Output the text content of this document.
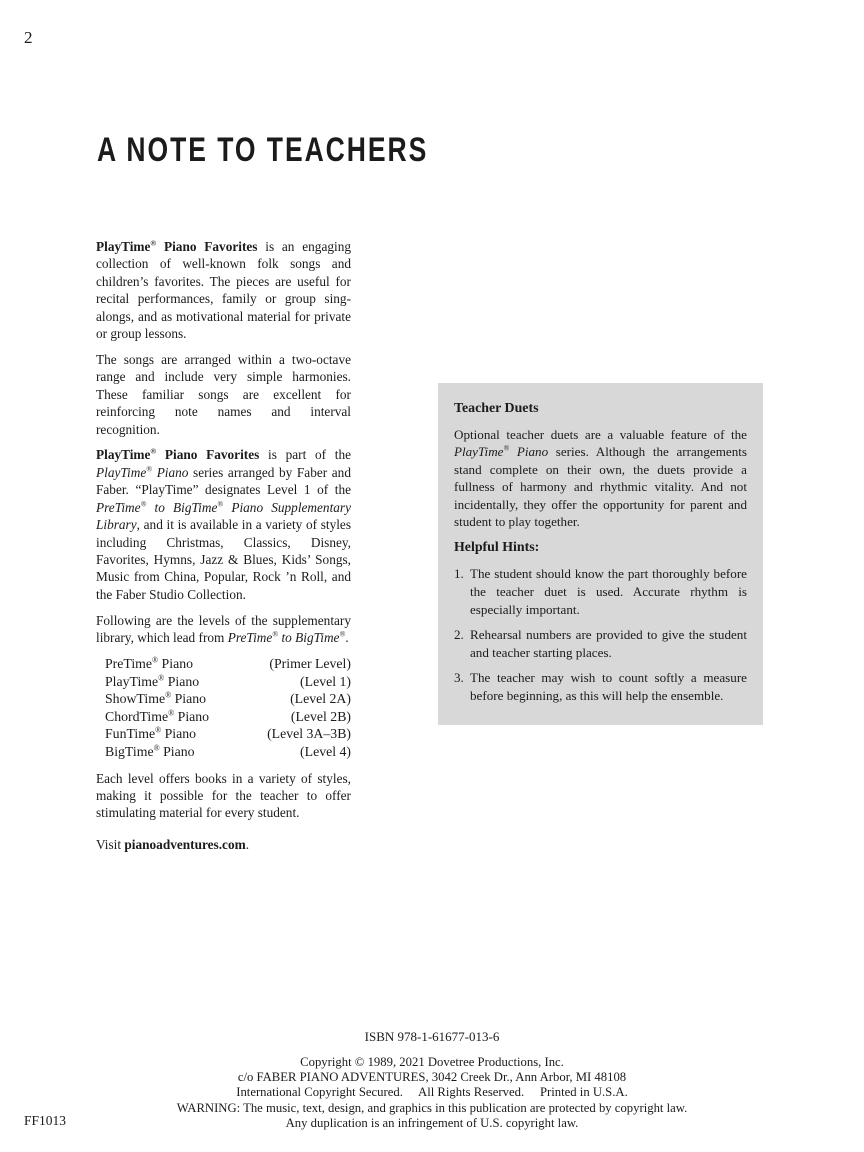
2
A NOTE TO TEACHERS

PlayTime® Piano Favorites is an engaging collection of well-known folk songs and children’s favorites. The pieces are useful for recital performances, family or group sing-alongs, and as motivational material for private or group lessons.

The songs are arranged within a two-octave range and include very simple harmonies. These familiar songs are excellent for reinforcing note names and interval recognition.

PlayTime® Piano Favorites is part of the PlayTime® Piano series arranged by Faber and Faber. “PlayTime” designates Level 1 of the PreTime® to BigTime® Piano Supplementary Library, and it is available in a variety of styles including Christmas, Classics, Disney, Favorites, Hymns, Jazz & Blues, Kids’ Songs, Music from China, Popular, Rock ’n Roll, and the Faber Studio Collection.

Following are the levels of the supplementary library, which lead from PreTime® to BigTime®.

PreTime® Piano	(Primer Level)
PlayTime® Piano	(Level 1)
ShowTime® Piano	(Level 2A)
ChordTime® Piano	(Level 2B)
FunTime® Piano	(Level 3A–3B)
BigTime® Piano	(Level 4)

Each level offers books in a variety of styles, making it possible for the teacher to offer stimulating material for every student.

Visit pianoadventures.com.

Teacher Duets

Optional teacher duets are a valuable feature of the PlayTime® Piano series. Although the arrangements stand complete on their own, the duets provide a fullness of harmony and rhythmic vitality. And not incidentally, they offer the opportunity for parent and student to play together.

Helpful Hints:
1. The student should know the part thoroughly before the teacher duet is used. Accurate rhythm is especially important.
2. Rehearsal numbers are provided to give the student and teacher starting places.
3. The teacher may wish to count softly a measure before beginning, as this will help the ensemble.
ISBN 978-1-61677-013-6
Copyright © 1989, 2021 Dovetree Productions, Inc.
c/o FABER PIANO ADVENTURES, 3042 Creek Dr., Ann Arbor, MI 48108
International Copyright Secured.     All Rights Reserved.     Printed in U.S.A.
WARNING: The music, text, design, and graphics in this publication are protected by copyright law.
Any duplication is an infringement of U.S. copyright law.
FF1013
